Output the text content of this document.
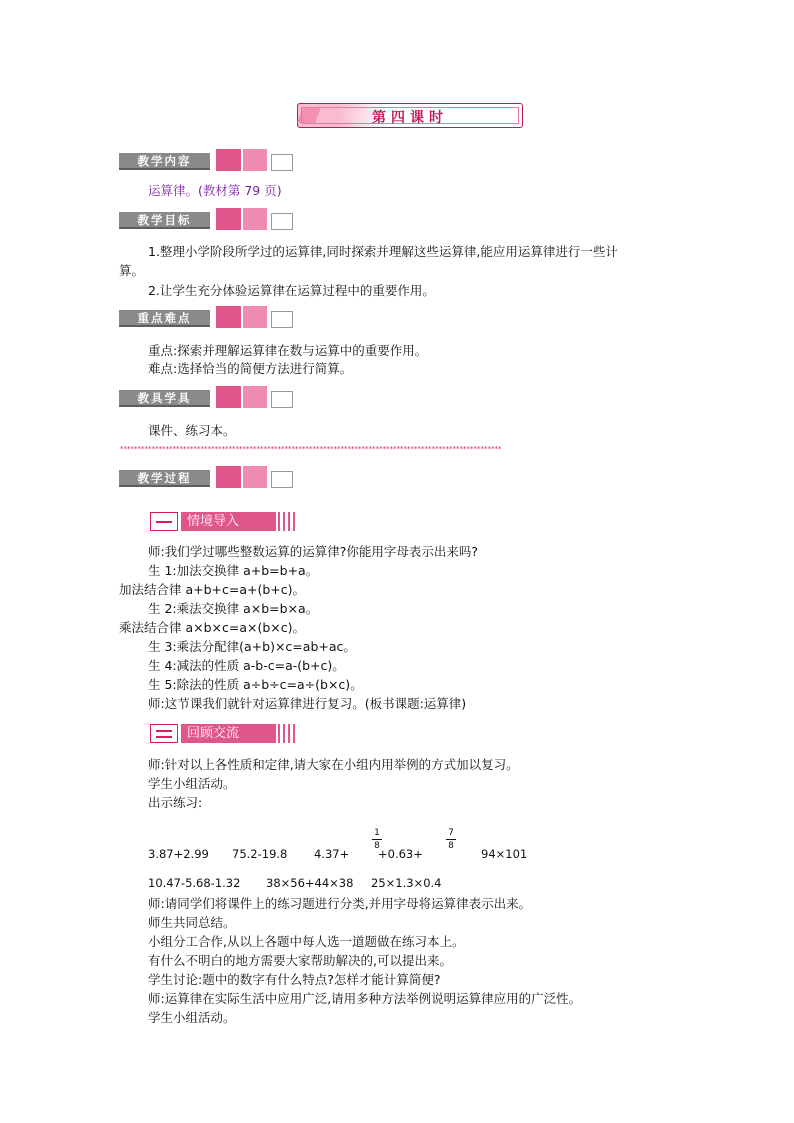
第四课时
教学内容
运算律。(教材第 79 页)
教学目标
1.整理小学阶段所学过的运算律,同时探索并理解这些运算律,能应用运算律进行一些计
算。
2.让学生充分体验运算律在运算过程中的重要作用。
重点难点
重点:探索并理解运算律在数与运算中的重要作用。
难点:选择恰当的简便方法进行简算。
教具学具
课件、练习本。
*************************************************************************************************************
教学过程
情境导入
师:我们学过哪些整数运算的运算律?你能用字母表示出来吗?
生 1:加法交换律 a+b=b+a。
加法结合律 a+b+c=a+(b+c)。
生 2:乘法交换律 a×b=b×a。
乘法结合律 a×b×c=a×(b×c)。
生 3:乘法分配律(a+b)×c=ab+ac。
生 4:减法的性质 a-b-c=a-(b+c)。
生 5:除法的性质 a÷b÷c=a÷(b×c)。
师:这节课我们就针对运算律进行复习。(板书课题:运算律)
回顾交流
师:针对以上各性质和定律,请大家在小组内用举例的方式加以复习。
学生小组活动。
出示练习:
3.87+2.99 75.2-19.8 4.37+
1
8
+0.63+
7
8
94×101
10.47-5.68-1.32 38×56+44×38 25×1.3×0.4
师:请同学们将课件上的练习题进行分类,并用字母将运算律表示出来。
师生共同总结。
小组分工合作,从以上各题中每人选一道题做在练习本上。
有什么不明白的地方需要大家帮助解决的,可以提出来。
学生讨论:题中的数字有什么特点?怎样才能计算简便?
师:运算律在实际生活中应用广泛,请用多种方法举例说明运算律应用的广泛性。
学生小组活动。
